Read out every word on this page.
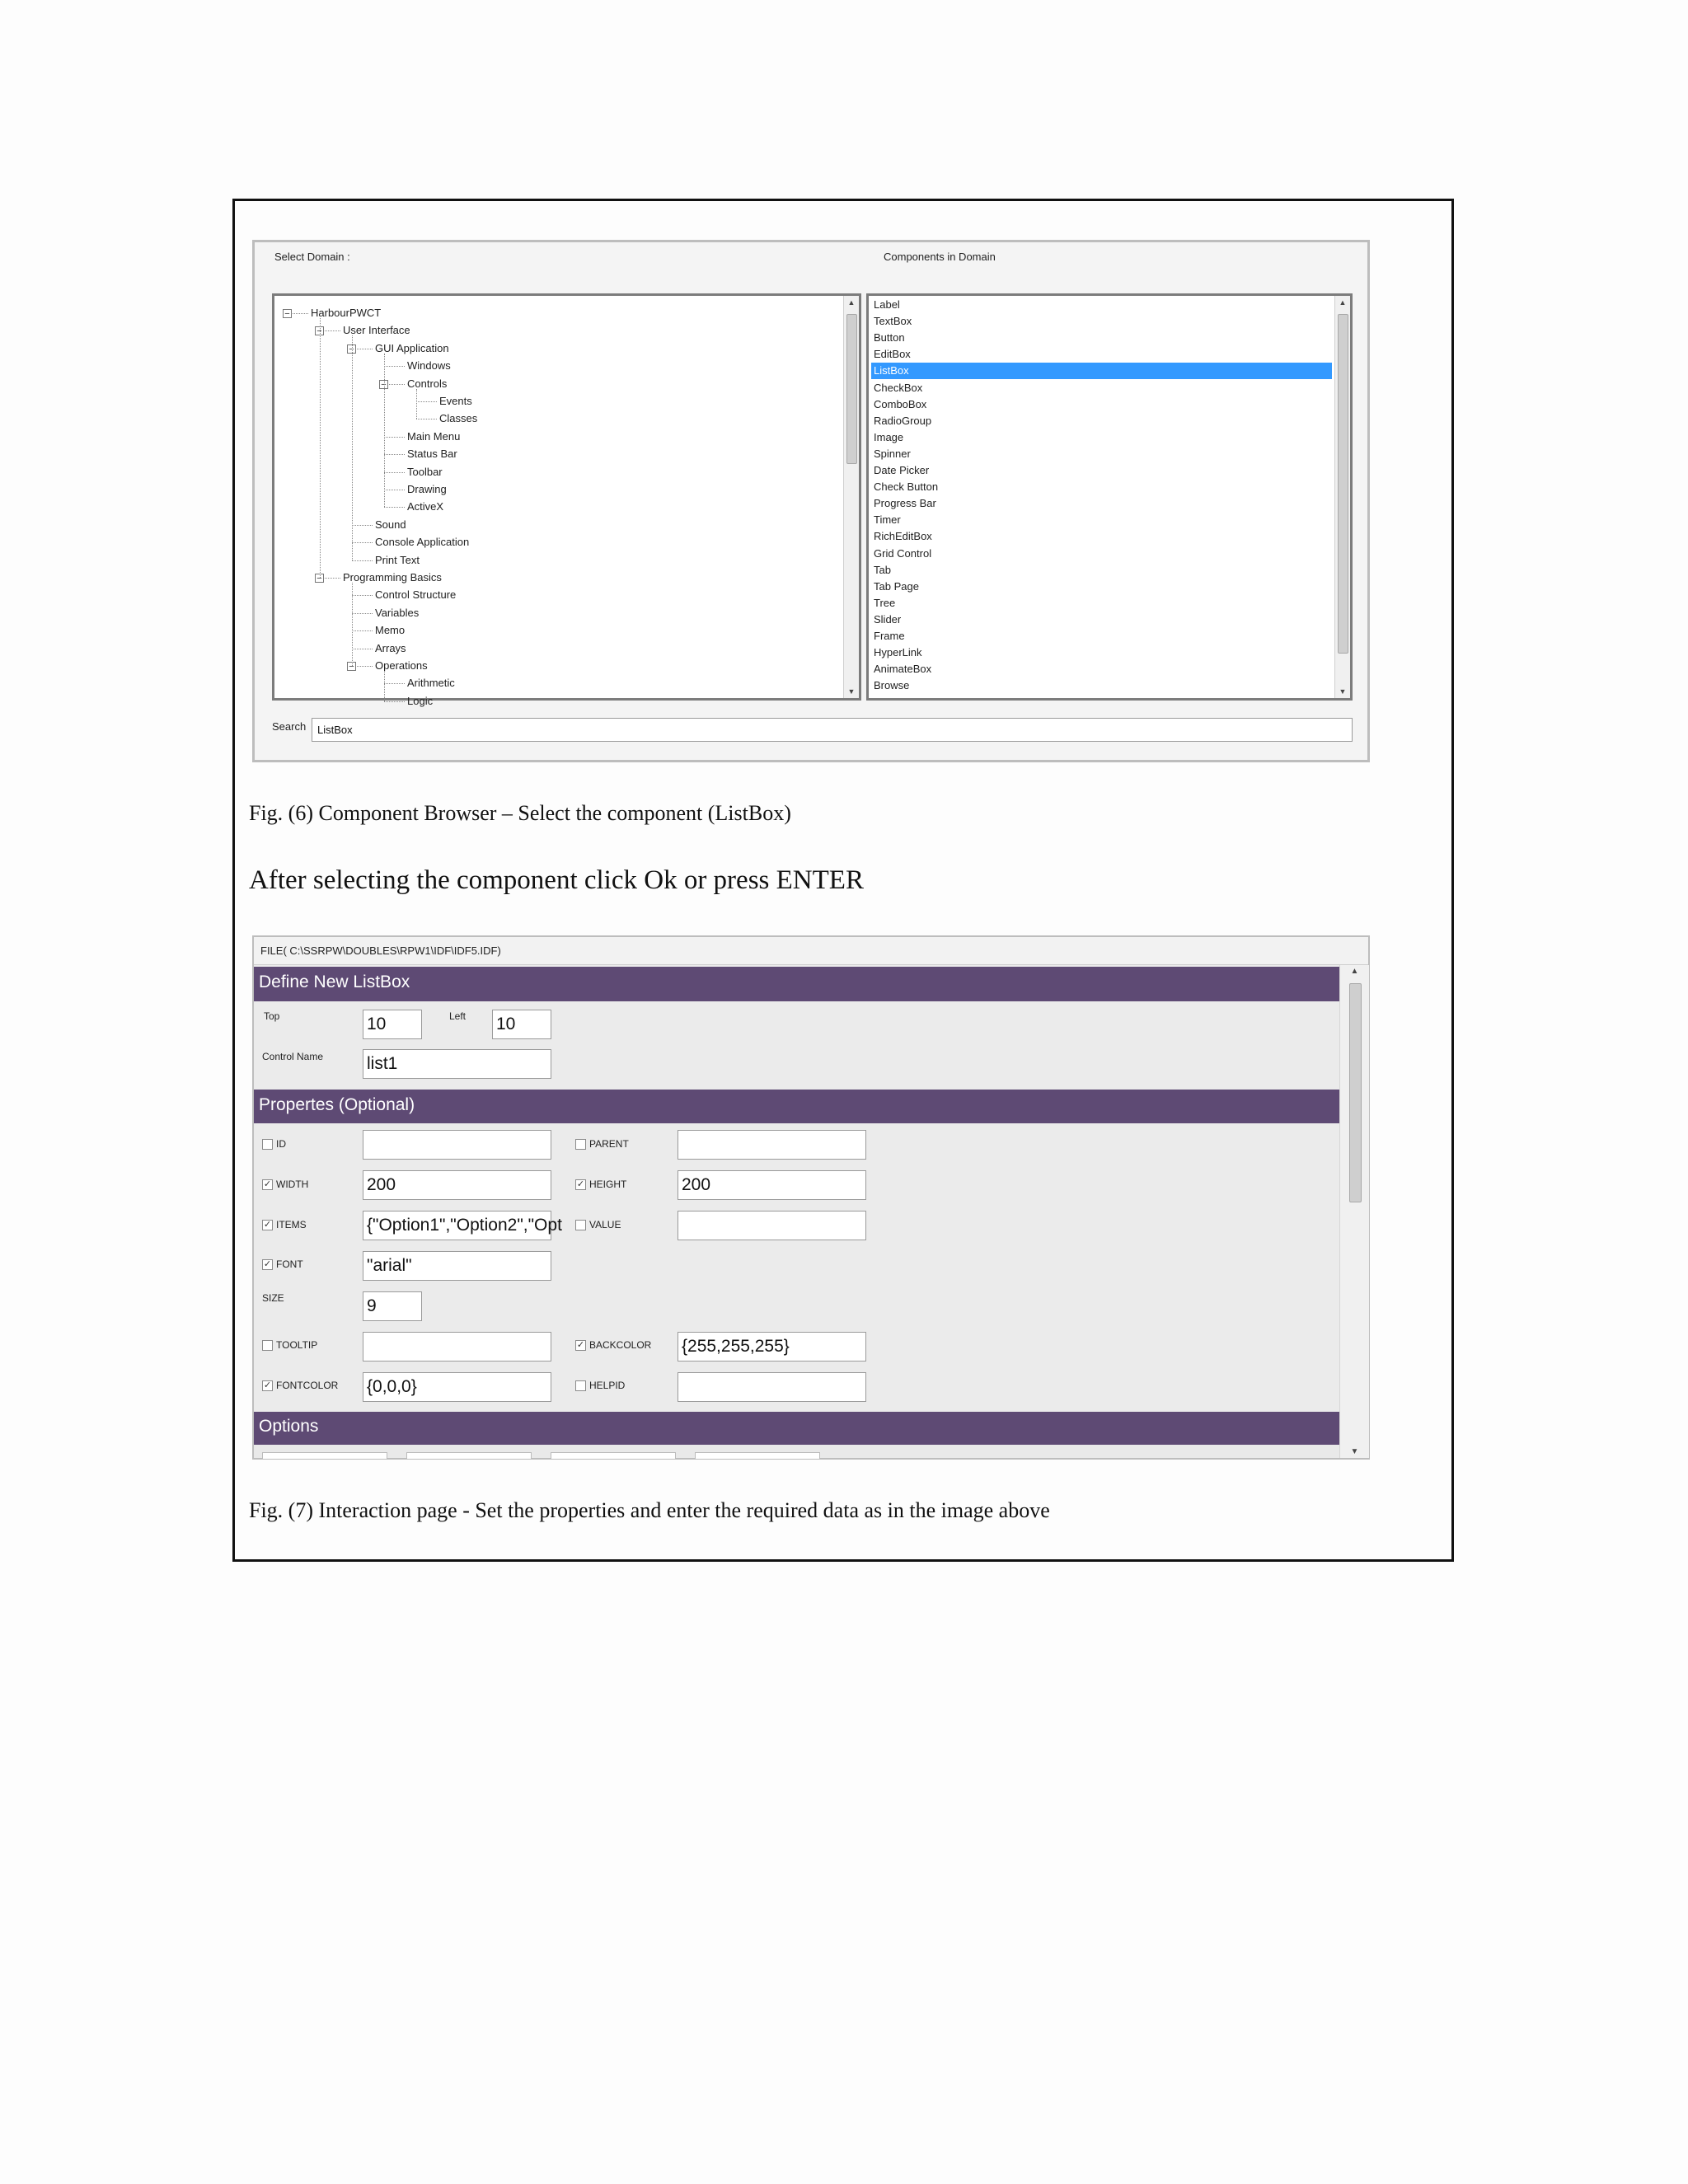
Select Domain :	Components in Domain
− HarbourPWCT
− User Interface
− GUI Application
Windows
− Controls
Events
Classes
Main Menu
Status Bar
Toolbar
Drawing
ActiveX
Sound
Console Application
Print Text
− Programming Basics
Control Structure
Variables
Memo
Arrays
− Operations
Arithmetic
Logic
▲
▼
Label
TextBox
Button
EditBox
ListBox
CheckBox
ComboBox
RadioGroup
Image
Spinner
Date Picker
Check Button
Progress Bar
Timer
RichEditBox
Grid Control
Tab
Tab Page
Tree
Slider
Frame
HyperLink
AnimateBox
Browse
▲
▼
Search	ListBox
Fig. (6) Component Browser – Select the component (ListBox)
After selecting the component click Ok or press ENTER
FILE( C:\SSRPW\DOUBLES\RPW1\IDF\IDF5.IDF)
Define New ListBox
Top	10	Left 10
Control Name	list1
Propertes (Optional)
ID	PARENT
✓ WIDTH	200	✓ HEIGHT	200
✓ ITEMS	{"Option1","Option2","Opt	VALUE
✓ FONT	"arial"
SIZE	9
TOOLTIP	✓ BACKCOLOR {255,255,255}
✓ FONTCOLOR {0,0,0}	HELPID
Options
▲
▼
Fig. (7) Interaction page - Set the properties and enter the required data as in the image above
